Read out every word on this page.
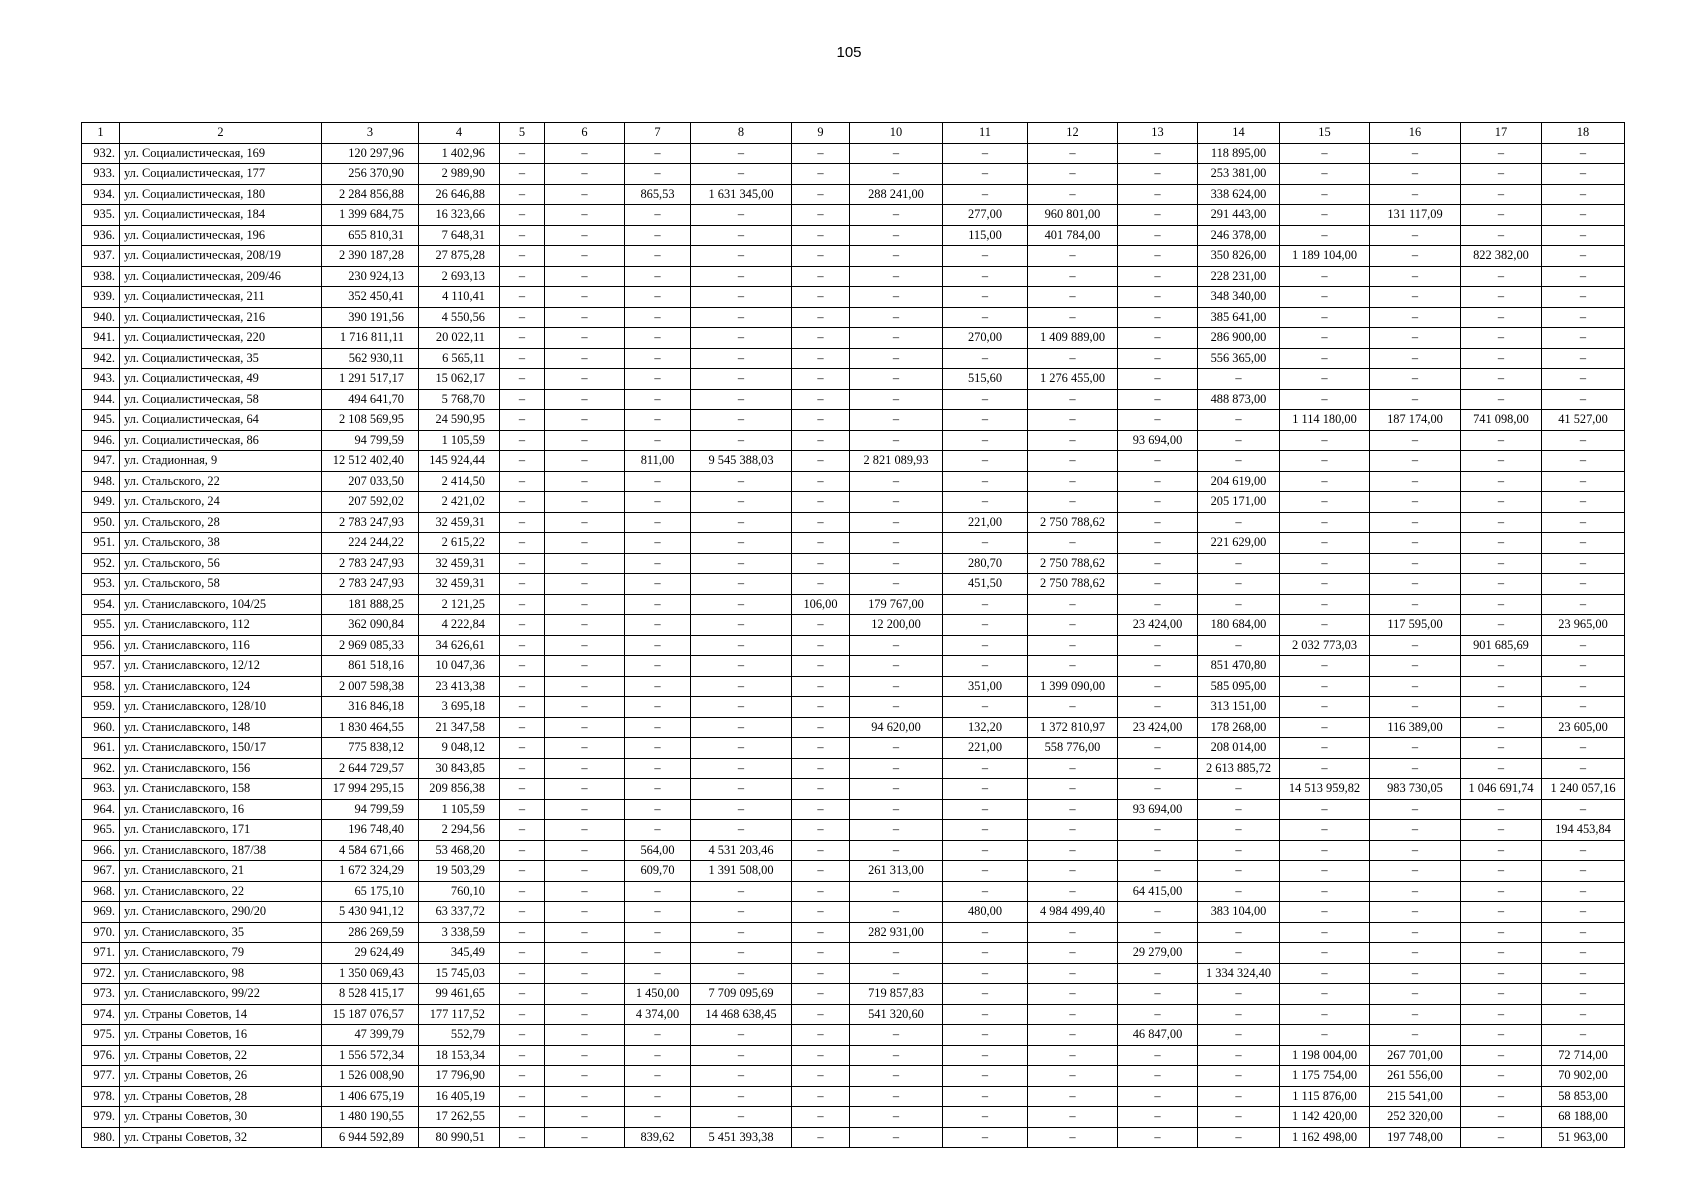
105
1	2	3	4	5	6	7	8	9	10	11	12	13	14	15	16	17	18
932.	ул. Социалистическая, 169	120 297,96	1 402,96	–	–	–	–	–	–	–	–	–	118 895,00	–	–	–	–
933.	ул. Социалистическая, 177	256 370,90	2 989,90	–	–	–	–	–	–	–	–	–	253 381,00	–	–	–	–
934.	ул. Социалистическая, 180	2 284 856,88	26 646,88	–	–	865,53	1 631 345,00	–	288 241,00	–	–	–	338 624,00	–	–	–	–
935.	ул. Социалистическая, 184	1 399 684,75	16 323,66	–	–	–	–	–	–	277,00	960 801,00	–	291 443,00	–	131 117,09	–	–
936.	ул. Социалистическая, 196	655 810,31	7 648,31	–	–	–	–	–	–	115,00	401 784,00	–	246 378,00	–	–	–	–
937.	ул. Социалистическая, 208/19	2 390 187,28	27 875,28	–	–	–	–	–	–	–	–	–	350 826,00	1 189 104,00	–	822 382,00	–
938.	ул. Социалистическая, 209/46	230 924,13	2 693,13	–	–	–	–	–	–	–	–	–	228 231,00	–	–	–	–
939.	ул. Социалистическая, 211	352 450,41	4 110,41	–	–	–	–	–	–	–	–	–	348 340,00	–	–	–	–
940.	ул. Социалистическая, 216	390 191,56	4 550,56	–	–	–	–	–	–	–	–	–	385 641,00	–	–	–	–
941.	ул. Социалистическая, 220	1 716 811,11	20 022,11	–	–	–	–	–	–	270,00	1 409 889,00	–	286 900,00	–	–	–	–
942.	ул. Социалистическая, 35	562 930,11	6 565,11	–	–	–	–	–	–	–	–	–	556 365,00	–	–	–	–
943.	ул. Социалистическая, 49	1 291 517,17	15 062,17	–	–	–	–	–	–	515,60	1 276 455,00	–	–	–	–	–	–
944.	ул. Социалистическая, 58	494 641,70	5 768,70	–	–	–	–	–	–	–	–	–	488 873,00	–	–	–	–
945.	ул. Социалистическая, 64	2 108 569,95	24 590,95	–	–	–	–	–	–	–	–	–	–	1 114 180,00	187 174,00	741 098,00	41 527,00
946.	ул. Социалистическая, 86	94 799,59	1 105,59	–	–	–	–	–	–	–	–	93 694,00	–	–	–	–	–
947.	ул. Стадионная, 9	12 512 402,40	145 924,44	–	–	811,00	9 545 388,03	–	2 821 089,93	–	–	–	–	–	–	–	–
948.	ул. Стальского, 22	207 033,50	2 414,50	–	–	–	–	–	–	–	–	–	204 619,00	–	–	–	–
949.	ул. Стальского, 24	207 592,02	2 421,02	–	–	–	–	–	–	–	–	–	205 171,00	–	–	–	–
950.	ул. Стальского, 28	2 783 247,93	32 459,31	–	–	–	–	–	–	221,00	2 750 788,62	–	–	–	–	–	–
951.	ул. Стальского, 38	224 244,22	2 615,22	–	–	–	–	–	–	–	–	–	221 629,00	–	–	–	–
952.	ул. Стальского, 56	2 783 247,93	32 459,31	–	–	–	–	–	–	280,70	2 750 788,62	–	–	–	–	–	–
953.	ул. Стальского, 58	2 783 247,93	32 459,31	–	–	–	–	–	–	451,50	2 750 788,62	–	–	–	–	–	–
954.	ул. Станиславского, 104/25	181 888,25	2 121,25	–	–	–	–	106,00	179 767,00	–	–	–	–	–	–	–	–
955.	ул. Станиславского, 112	362 090,84	4 222,84	–	–	–	–	–	12 200,00	–	–	23 424,00	180 684,00	–	117 595,00	–	23 965,00
956.	ул. Станиславского, 116	2 969 085,33	34 626,61	–	–	–	–	–	–	–	–	–	–	2 032 773,03	–	901 685,69	–
957.	ул. Станиславского, 12/12	861 518,16	10 047,36	–	–	–	–	–	–	–	–	–	851 470,80	–	–	–	–
958.	ул. Станиславского, 124	2 007 598,38	23 413,38	–	–	–	–	–	–	351,00	1 399 090,00	–	585 095,00	–	–	–	–
959.	ул. Станиславского, 128/10	316 846,18	3 695,18	–	–	–	–	–	–	–	–	–	313 151,00	–	–	–	–
960.	ул. Станиславского, 148	1 830 464,55	21 347,58	–	–	–	–	–	94 620,00	132,20	1 372 810,97	23 424,00	178 268,00	–	116 389,00	–	23 605,00
961.	ул. Станиславского, 150/17	775 838,12	9 048,12	–	–	–	–	–	–	221,00	558 776,00	–	208 014,00	–	–	–	–
962.	ул. Станиславского, 156	2 644 729,57	30 843,85	–	–	–	–	–	–	–	–	–	2 613 885,72	–	–	–	–
963.	ул. Станиславского, 158	17 994 295,15	209 856,38	–	–	–	–	–	–	–	–	–	–	14 513 959,82	983 730,05	1 046 691,74	1 240 057,16
964.	ул. Станиславского, 16	94 799,59	1 105,59	–	–	–	–	–	–	–	–	93 694,00	–	–	–	–	–
965.	ул. Станиславского, 171	196 748,40	2 294,56	–	–	–	–	–	–	–	–	–	–	–	–	–	194 453,84
966.	ул. Станиславского, 187/38	4 584 671,66	53 468,20	–	–	564,00	4 531 203,46	–	–	–	–	–	–	–	–	–	–
967.	ул. Станиславского, 21	1 672 324,29	19 503,29	–	–	609,70	1 391 508,00	–	261 313,00	–	–	–	–	–	–	–	–
968.	ул. Станиславского, 22	65 175,10	760,10	–	–	–	–	–	–	–	–	64 415,00	–	–	–	–	–
969.	ул. Станиславского, 290/20	5 430 941,12	63 337,72	–	–	–	–	–	–	480,00	4 984 499,40	–	383 104,00	–	–	–	–
970.	ул. Станиславского, 35	286 269,59	3 338,59	–	–	–	–	–	282 931,00	–	–	–	–	–	–	–	–
971.	ул. Станиславского, 79	29 624,49	345,49	–	–	–	–	–	–	–	–	29 279,00	–	–	–	–	–
972.	ул. Станиславского, 98	1 350 069,43	15 745,03	–	–	–	–	–	–	–	–	–	1 334 324,40	–	–	–	–
973.	ул. Станиславского, 99/22	8 528 415,17	99 461,65	–	–	1 450,00	7 709 095,69	–	719 857,83	–	–	–	–	–	–	–	–
974.	ул. Страны Советов, 14	15 187 076,57	177 117,52	–	–	4 374,00	14 468 638,45	–	541 320,60	–	–	–	–	–	–	–	–
975.	ул. Страны Советов, 16	47 399,79	552,79	–	–	–	–	–	–	–	–	46 847,00	–	–	–	–	–
976.	ул. Страны Советов, 22	1 556 572,34	18 153,34	–	–	–	–	–	–	–	–	–	–	1 198 004,00	267 701,00	–	72 714,00
977.	ул. Страны Советов, 26	1 526 008,90	17 796,90	–	–	–	–	–	–	–	–	–	–	1 175 754,00	261 556,00	–	70 902,00
978.	ул. Страны Советов, 28	1 406 675,19	16 405,19	–	–	–	–	–	–	–	–	–	–	1 115 876,00	215 541,00	–	58 853,00
979.	ул. Страны Советов, 30	1 480 190,55	17 262,55	–	–	–	–	–	–	–	–	–	–	1 142 420,00	252 320,00	–	68 188,00
980.	ул. Страны Советов, 32	6 944 592,89	80 990,51	–	–	839,62	5 451 393,38	–	–	–	–	–	–	1 162 498,00	197 748,00	–	51 963,00
